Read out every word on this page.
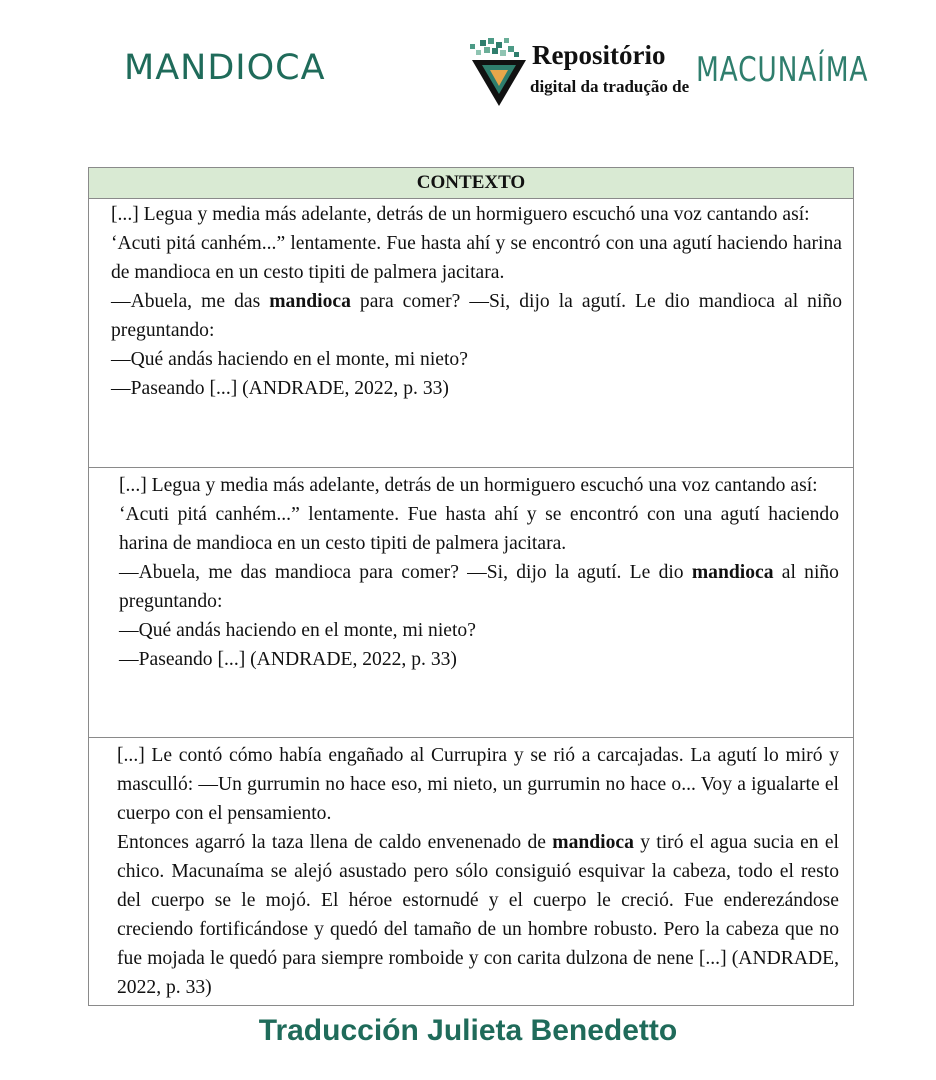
MANDIOCA	Repositório
digital da tradução de MACUNAÍMA
CONTEXTO

[...] Legua y media más adelante, detrás de un hormiguero escuchó una voz cantando así:

‘Acuti pitá canhém...” lentamente. Fue hasta ahí y se encontró con una agutí haciendo harina de mandioca en un cesto tipiti de palmera jacitara.

—Abuela, me das mandioca para comer? —Si, dijo la agutí. Le dio mandioca al niño preguntando:

—Qué andás haciendo en el monte, mi nieto?

—Paseando [...] (ANDRADE, 2022, p. 33)

[...] Legua y media más adelante, detrás de un hormiguero escuchó una voz cantando así:

‘Acuti pitá canhém...” lentamente. Fue hasta ahí y se encontró con una agutí haciendo harina de mandioca en un cesto tipiti de palmera jacitara.

—Abuela, me das mandioca para comer? —Si, dijo la agutí. Le dio mandioca al niño preguntando:

—Qué andás haciendo en el monte, mi nieto?

—Paseando [...] (ANDRADE, 2022, p. 33)

[...] Le contó cómo había engañado al Currupira y se rió a carcajadas. La agutí lo miró y masculló: —Un gurrumin no hace eso, mi nieto, un gurrumin no hace o... Voy a igualarte el cuerpo con el pensamiento.

Entonces agarró la taza llena de caldo envenenado de mandioca y tiró el agua sucia en el chico. Macunaíma se alejó asustado pero sólo consiguió esquivar la cabeza, todo el resto del cuerpo se le mojó. El héroe estornudé y el cuerpo le creció. Fue enderezándose creciendo fortificándose y quedó del tamaño de un hombre robusto. Pero la cabeza que no fue mojada le quedó para siempre romboide y con carita dulzona de nene [...] (ANDRADE, 2022, p. 33)

Traducción Julieta Benedetto
